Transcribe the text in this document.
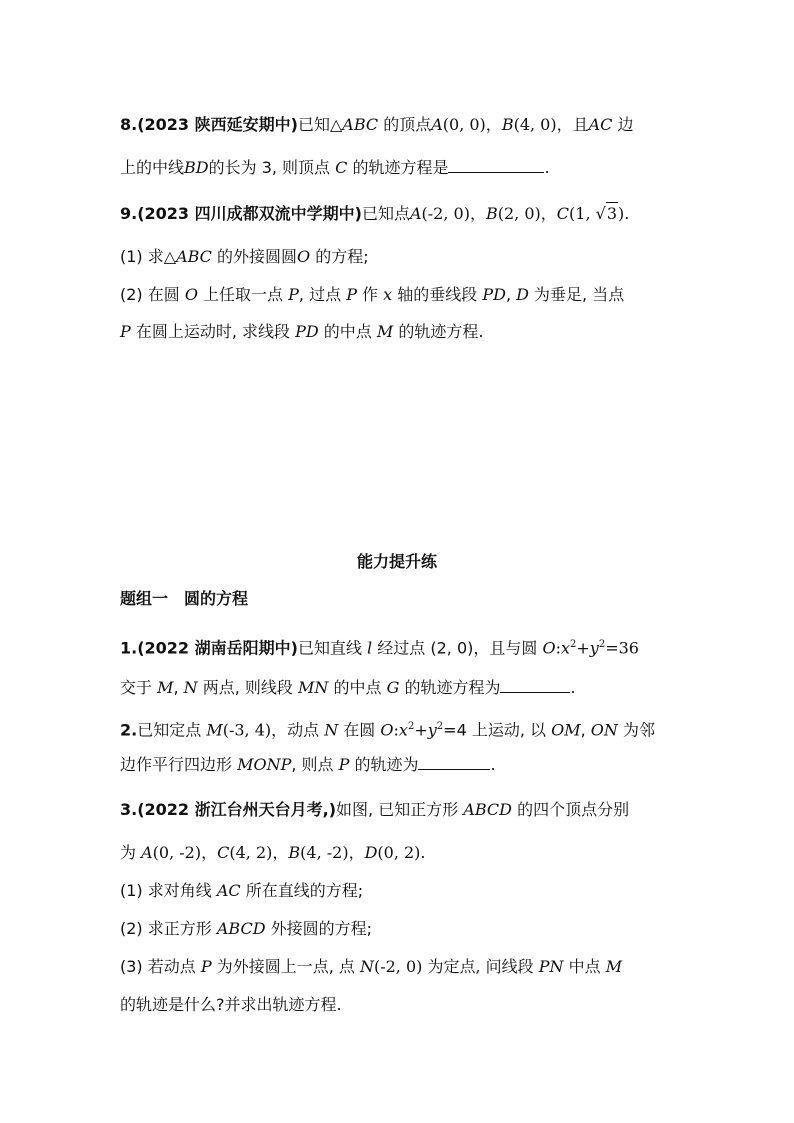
8.(2023 陕西延安期中)已知△ABC 的顶点A(0, 0)，B(4, 0)，且AC 边
上的中线BD的长为 3, 则顶点 C 的轨迹方程是	.
9.(2023 四川成都双流中学期中)已知点A(-2, 0)，B(2, 0)，C(1, √3).
(1) 求△ABC 的外接圆圆O 的方程;
(2) 在圆 O 上任取一点 P, 过点 P 作 x 轴的垂线段 PD, D 为垂足, 当点
P 在圆上运动时, 求线段 PD 的中点 M 的轨迹方程.
能力提升练
题组一　圆的方程
1.(2022 湖南岳阳期中)已知直线 l 经过点 (2, 0)，且与圆 $O:x^2+y^2=36$
交于 M, N 两点, 则线段 MN 的中点 G 的轨迹方程为	.
2.已知定点 M(-3, 4)，动点 N 在圆 $O:x^2+y^2=4$ 上运动, 以 OM, ON 为邻
边作平行四边形 MONP, 则点 P 的轨迹为	.
3.(2022 浙江台州天台月考,)如图, 已知正方形 ABCD 的四个顶点分别
为 A(0, -2)，C(4, 2)，B(4, -2)，D(0, 2).
(1) 求对角线 AC 所在直线的方程;
(2) 求正方形 ABCD 外接圆的方程;
(3) 若动点 P 为外接圆上一点, 点 N(-2, 0) 为定点, 问线段 PN 中点 M
的轨迹是什么?并求出轨迹方程.
